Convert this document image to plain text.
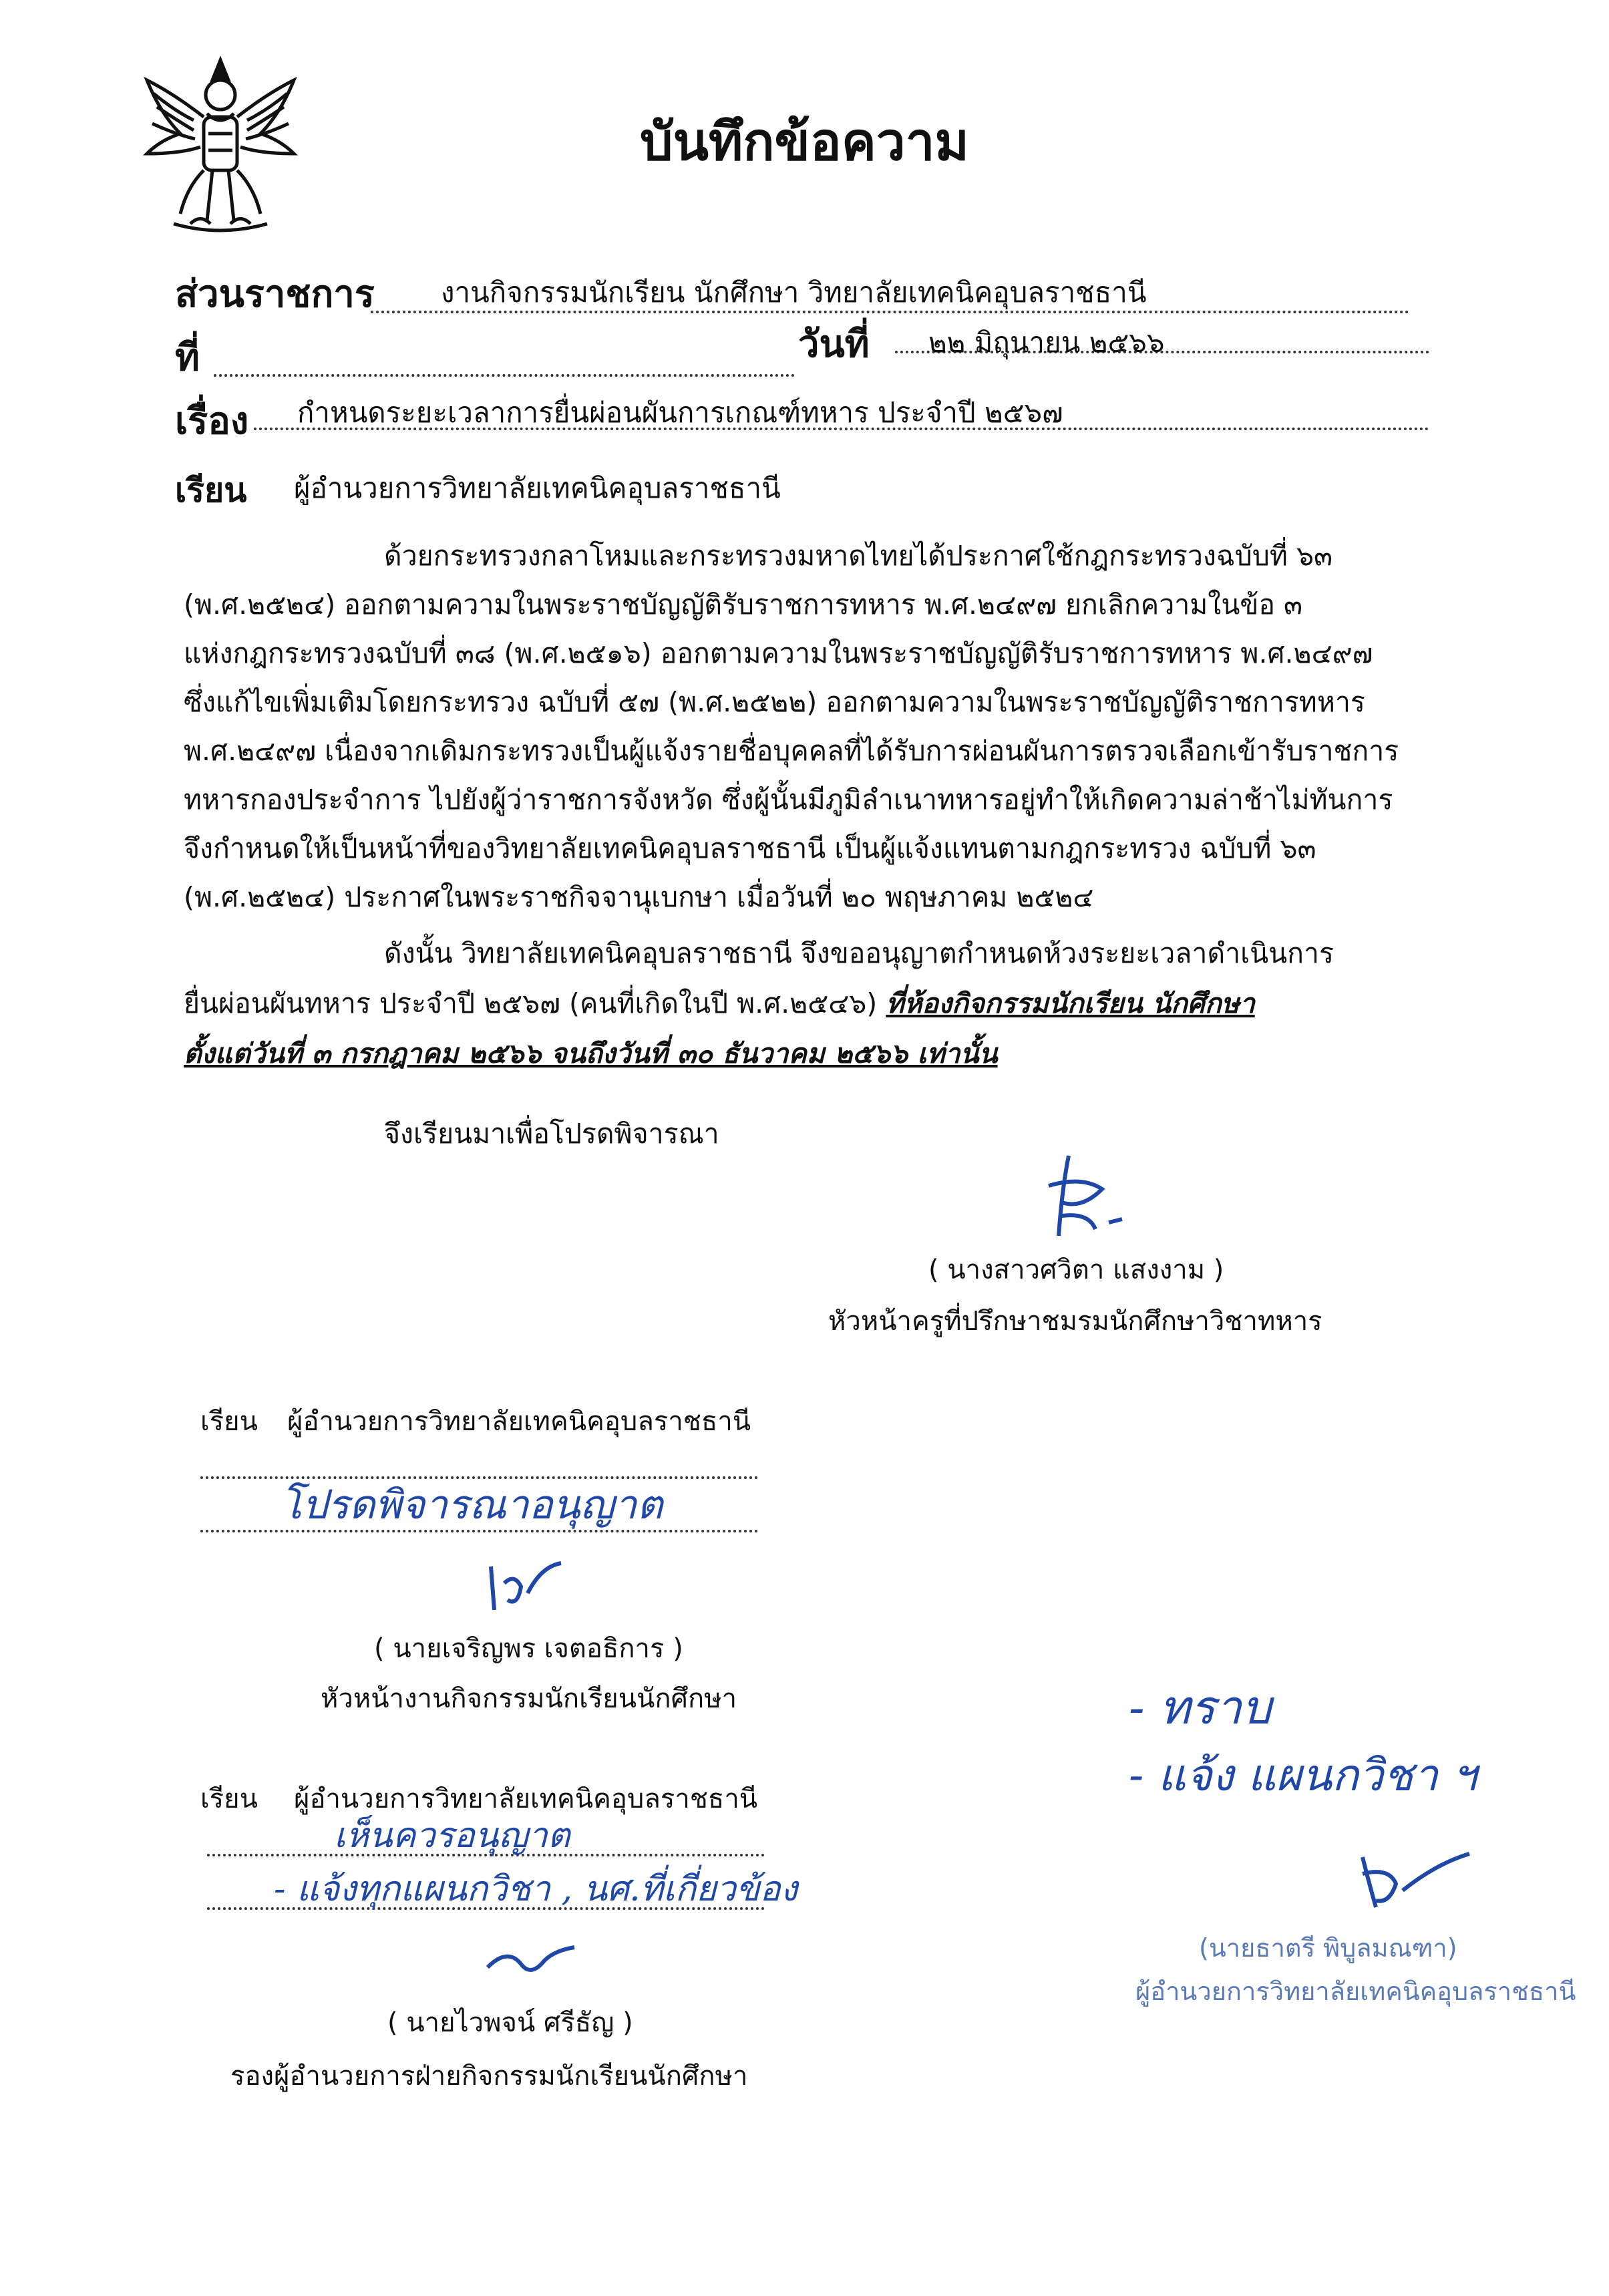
บันทึกข้อความ
ส่วนราชการ งานกิจกรรมนักเรียน นักศึกษา วิทยาลัยเทคนิคอุบลราชธานี
ที่	วันที่ ๒๒ มิถุนายน ๒๕๖๖
เรื่อง กำหนดระยะเวลาการยื่นผ่อนผันการเกณฑ์ทหาร ประจำปี ๒๕๖๗
เรียน ผู้อำนวยการวิทยาลัยเทคนิคอุบลราชธานี
ด้วยกระทรวงกลาโหมและกระทรวงมหาดไทยได้ประกาศใช้กฎกระทรวงฉบับที่ ๖๓
(พ.ศ.๒๕๒๔) ออกตามความในพระราชบัญญัติรับราชการทหาร พ.ศ.๒๔๙๗ ยกเลิกความในข้อ ๓
แห่งกฎกระทรวงฉบับที่ ๓๘ (พ.ศ.๒๕๑๖) ออกตามความในพระราชบัญญัติรับราชการทหาร พ.ศ.๒๔๙๗
ซึ่งแก้ไขเพิ่มเติมโดยกระทรวง ฉบับที่ ๕๗ (พ.ศ.๒๕๒๒) ออกตามความในพระราชบัญญัติราชการทหาร
พ.ศ.๒๔๙๗ เนื่องจากเดิมกระทรวงเป็นผู้แจ้งรายชื่อบุคคลที่ได้รับการผ่อนผันการตรวจเลือกเข้ารับราชการ
ทหารกองประจำการ ไปยังผู้ว่าราชการจังหวัด ซึ่งผู้นั้นมีภูมิลำเนาทหารอยู่ทำให้เกิดความล่าช้าไม่ทันการ
จึงกำหนดให้เป็นหน้าที่ของวิทยาลัยเทคนิคอุบลราชธานี เป็นผู้แจ้งแทนตามกฎกระทรวง ฉบับที่ ๖๓
(พ.ศ.๒๕๒๔) ประกาศในพระราชกิจจานุเบกษา เมื่อวันที่ ๒๐ พฤษภาคม ๒๕๒๔
ดังนั้น วิทยาลัยเทคนิคอุบลราชธานี จึงขออนุญาตกำหนดห้วงระยะเวลาดำเนินการ
ยื่นผ่อนผันทหาร ประจำปี ๒๕๖๗ (คนที่เกิดในปี พ.ศ.๒๕๔๖) ที่ห้องกิจกรรมนักเรียน นักศึกษา
ตั้งแต่วันที่ ๓ กรกฎาคม ๒๕๖๖ จนถึงวันที่ ๓๐ ธันวาคม ๒๕๖๖ เท่านั้น
จึงเรียนมาเพื่อโปรดพิจารณา
( นางสาวศวิตา แสงงาม )
หัวหน้าครูที่ปรึกษาชมรมนักศึกษาวิชาทหาร
เรียน ผู้อำนวยการวิทยาลัยเทคนิคอุบลราชธานี
โปรดพิจารณาอนุญาต
( นายเจริญพร เจตอธิการ )
หัวหน้างานกิจกรรมนักเรียนนักศึกษา
เรียน ผู้อำนวยการวิทยาลัยเทคนิคอุบลราชธานี
เห็นควรอนุญาต
- แจ้งทุกแผนกวิชา , นศ.ที่เกี่ยวข้อง
( นายไวพจน์ ศรีธัญ )
รองผู้อำนวยการฝ่ายกิจกรรมนักเรียนนักศึกษา
- ทราบ
- แจ้ง แผนกวิชา ฯ
(นายธาตรี พิบูลมณฑา)
ผู้อำนวยการวิทยาลัยเทคนิคอุบลราชธานี
